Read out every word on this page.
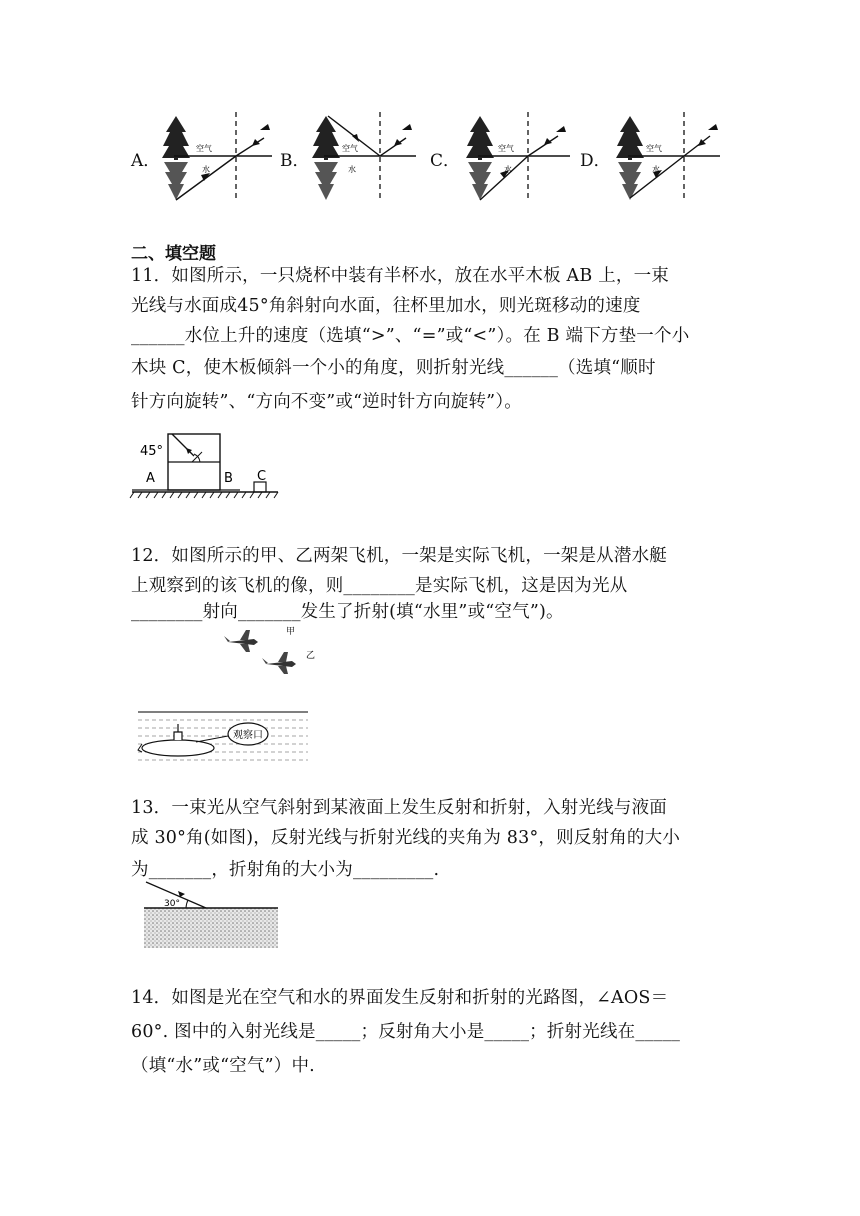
A．	B．	C．	D．
空气
水
空气
水
空气
水
空气
水
二、填空题
11．如图所示，一只烧杯中装有半杯水，放在水平木板 AB 上，一束
光线与水面成45°角斜射向水面，往杯里加水，则光斑移动的速度
______水位上升的速度（选填“>”、“=”或“<”）。在 B 端下方垫一个小
木块 C，使木板倾斜一个小的角度，则折射光线______（选填“顺时
针方向旋转”、“方向不变”或“逆时针方向旋转”）。
45°
A	B C
12．如图所示的甲、乙两架飞机，一架是实际飞机，一架是从潜水艇
上观察到的该飞机的像，则________是实际飞机，这是因为光从
________射向_______发生了折射(填“水里”或“空气”)。
甲
乙
观察口
13．一束光从空气斜射到某液面上发生反射和折射，入射光线与液面
成 30°角(如图)，反射光线与折射光线的夹角为 83°，则反射角的大小
为_______，折射角的大小为_________.
30°
14．如图是光在空气和水的界面发生反射和折射的光路图，∠AOS＝
60°. 图中的入射光线是_____；反射角大小是_____；折射光线在_____
（填“水”或“空气”）中.
